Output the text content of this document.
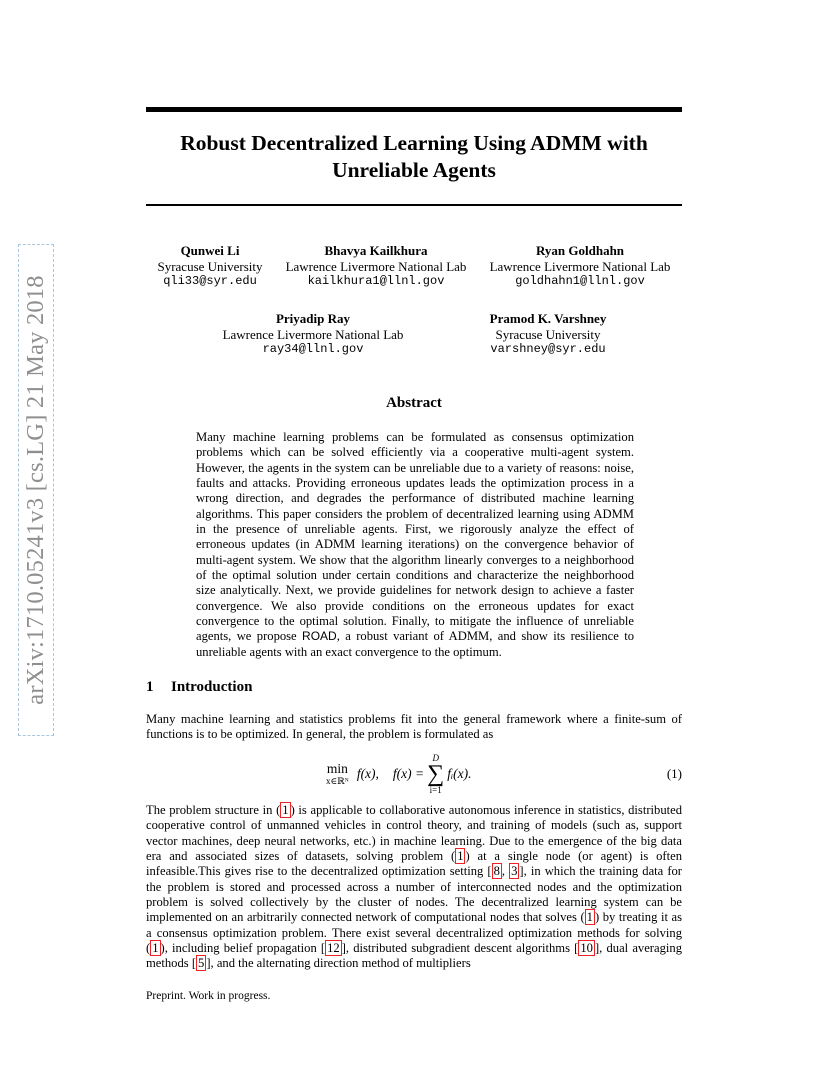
arXiv:1710.05241v3 [cs.LG] 21 May 2018
Robust Decentralized Learning Using ADMM with Unreliable Agents
Qunwei Li
Syracuse University
qli33@syr.edu
Bhavya Kailkhura
Lawrence Livermore National Lab
kailkhura1@llnl.gov
Ryan Goldhahn
Lawrence Livermore National Lab
goldhahn1@llnl.gov
Priyadip Ray
Lawrence Livermore National Lab
ray34@llnl.gov
Pramod K. Varshney
Syracuse University
varshney@syr.edu
Abstract
Many machine learning problems can be formulated as consensus optimization problems which can be solved efficiently via a cooperative multi-agent system. However, the agents in the system can be unreliable due to a variety of reasons: noise, faults and attacks. Providing erroneous updates leads the optimization process in a wrong direction, and degrades the performance of distributed machine learning algorithms. This paper considers the problem of decentralized learning using ADMM in the presence of unreliable agents. First, we rigorously analyze the effect of erroneous updates (in ADMM learning iterations) on the convergence behavior of multi-agent system. We show that the algorithm linearly converges to a neighborhood of the optimal solution under certain conditions and characterize the neighborhood size analytically. Next, we provide guidelines for network design to achieve a faster convergence. We also provide conditions on the erroneous updates for exact convergence to the optimal solution. Finally, to mitigate the influence of unreliable agents, we propose ROAD, a robust variant of ADMM, and show its resilience to unreliable agents with an exact convergence to the optimum.
1 Introduction
Many machine learning and statistics problems fit into the general framework where a finite-sum of functions is to be optimized. In general, the problem is formulated as
min
x∈ℝᴺ f(x), f(x) =
D
∑
i=1
fᵢ(x).	(1)
The problem structure in ( 1 ) is applicable to collaborative autonomous inference in statistics, distributed cooperative control of unmanned vehicles in control theory, and training of models (such as, support vector machines, deep neural networks, etc.) in machine learning. Due to the emergence of the big data era and associated sizes of datasets, solving problem ( 1 ) at a single node (or agent) is often infeasible.This gives rise to the decentralized optimization setting [ 8 , 3 ], in which the training data for the problem is stored and processed across a number of interconnected nodes and the optimization problem is solved collectively by the cluster of nodes. The decentralized learning system can be implemented on an arbitrarily connected network of computational nodes that solves ( 1 ) by treating it as a consensus optimization problem. There exist several decentralized optimization methods for solving ( 1 ), including belief propagation [ 12 ], distributed subgradient descent algorithms [ 10 ], dual averaging methods [ 5 ], and the alternating direction method of multipliers
Preprint. Work in progress.
